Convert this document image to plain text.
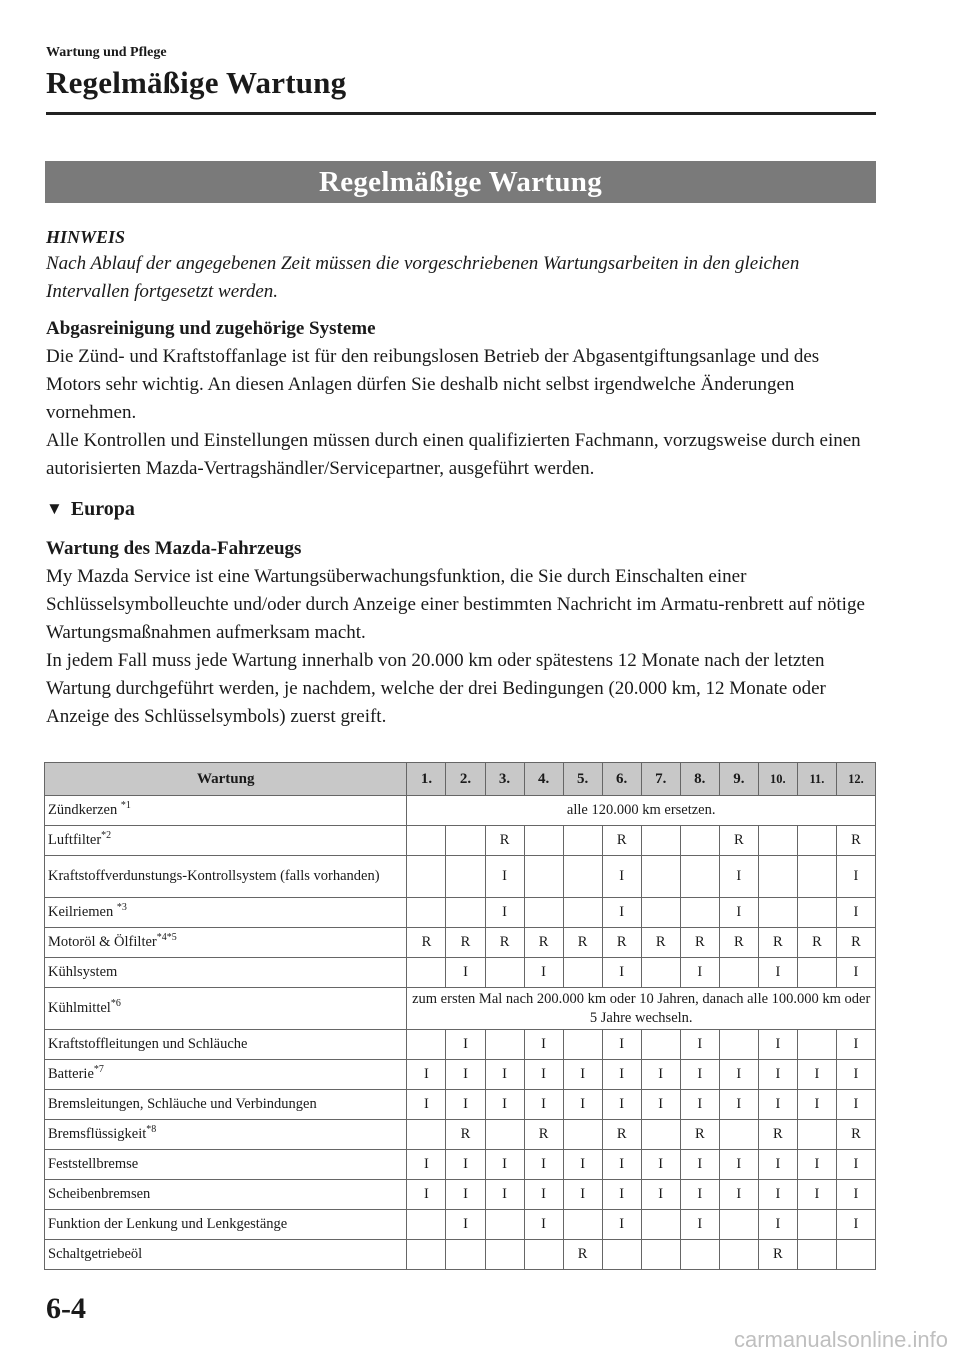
Wartung und Pflege
Regelmäßige Wartung
Regelmäßige Wartung

HINWEIS

Nach Ablauf der angegebenen Zeit müssen die vorgeschriebenen Wartungsarbeiten in den gleichen Intervallen fortgesetzt werden.

Abgasreinigung und zugehörige Systeme

Die Zünd- und Kraftstoffanlage ist für den reibungslosen Betrieb der Abgasentgiftungsanlage und des Motors sehr wichtig. An diesen Anlagen dürfen Sie deshalb nicht selbst irgendwelche Änderungen vornehmen.

Alle Kontrollen und Einstellungen müssen durch einen qualifizierten Fachmann, vorzugsweise durch einen autorisierten Mazda-Vertragshändler/Servicepartner, ausgeführt werden.

▼ Europa

Wartung des Mazda-Fahrzeugs

My Mazda Service ist eine Wartungsüberwachungsfunktion, die Sie durch Einschalten einer Schlüsselsymbolleuchte und/oder durch Anzeige einer bestimmten Nachricht im Armatu-renbrett auf nötige Wartungsmaßnahmen aufmerksam macht.

In jedem Fall muss jede Wartung innerhalb von 20.000 km oder spätestens 12 Monate nach der letzten Wartung durchgeführt werden, je nachdem, welche der drei Bedingungen (20.000 km, 12 Monate oder Anzeige des Schlüsselsymbols) zuerst greift.

Wartung	1.	2.	3.	4.	5.	6.	7.	8.	9.	10.	11.	12.
Zündkerzen $^{*1}$	alle 120.000 km ersetzen.											
Luftfilter$^{*2}$			R			R			R			R
Kraftstoffverdunstungs-Kontrollsystem (falls vorhanden)			I			I			I			I
Keilriemen $^{*3}$			I			I			I			I
Motoröl & Ölfilter$^{*4*5}$	R	R	R	R	R	R	R	R	R	R	R	R
Kühlsystem		I		I		I		I		I		I
Kühlmittel$^{*6}$	zum ersten Mal nach 200.000 km oder 10 Jahren, danach alle 100.000 km oder 5 Jahre wechseln.											
Kraftstoffleitungen und Schläuche		I		I		I		I		I		I
Batterie$^{*7}$	I	I	I	I	I	I	I	I	I	I	I	I
Bremsleitungen, Schläuche und Verbindungen	I	I	I	I	I	I	I	I	I	I	I	I
Bremsflüssigkeit$^{*8}$		R		R		R		R		R		R
Feststellbremse	I	I	I	I	I	I	I	I	I	I	I	I
Scheibenbremsen	I	I	I	I	I	I	I	I	I	I	I	I
Funktion der Lenkung und Lenkgestänge		I		I		I		I		I		I
Schaltgetriebeöl					R					R		
6-4
carmanualsonline.info
